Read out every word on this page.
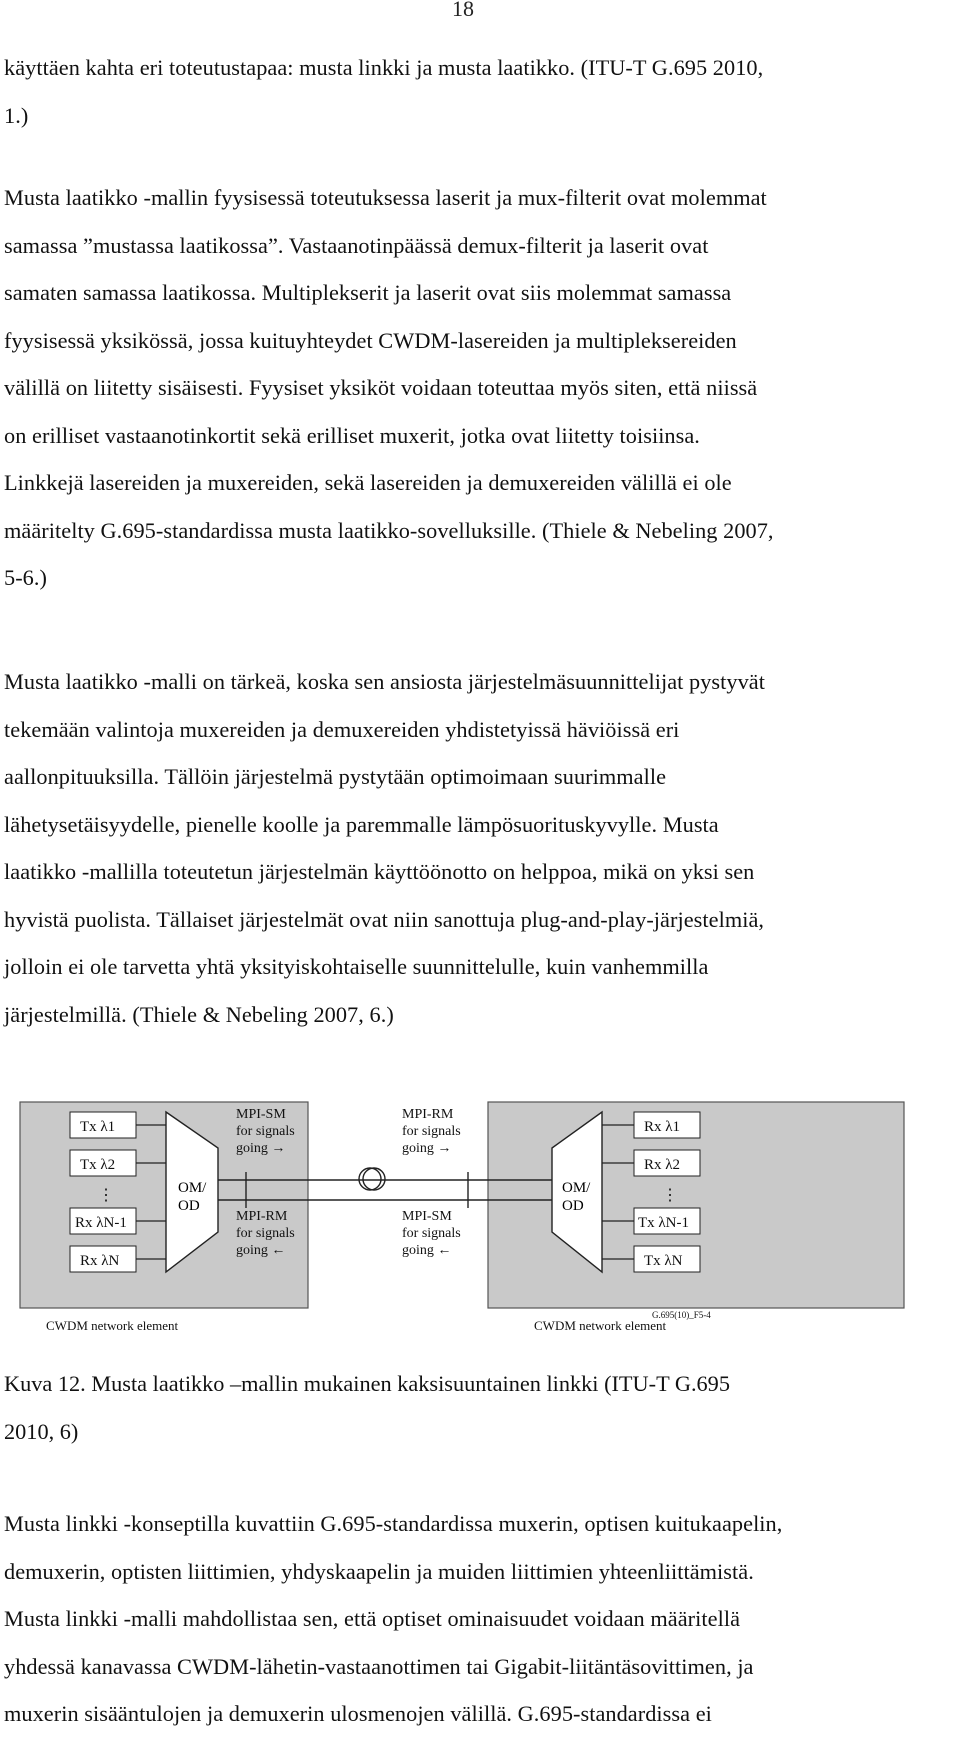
18
käyttäen kahta eri toteutustapaa: musta linkki ja musta laatikko. (ITU-T G.695 2010,
1.)
Musta laatikko -mallin fyysisessä toteutuksessa laserit ja mux-filterit ovat molemmat
samassa ”mustassa laatikossa”. Vastaanotinpäässä demux-filterit ja laserit ovat
samaten samassa laatikossa. Multiplekserit ja laserit ovat siis molemmat samassa
fyysisessä yksikössä, jossa kuituyhteydet CWDM-lasereiden ja multipleksereiden
välillä on liitetty sisäisesti. Fyysiset yksiköt voidaan toteuttaa myös siten, että niissä
on erilliset vastaanotinkortit sekä erilliset muxerit, jotka ovat liitetty toisiinsa.
Linkkejä lasereiden ja muxereiden, sekä lasereiden ja demuxereiden välillä ei ole
määritelty G.695-standardissa musta laatikko-sovelluksille. (Thiele & Nebeling 2007,
5-6.)
Musta laatikko -malli on tärkeä, koska sen ansiosta järjestelmäsuunnittelijat pystyvät
tekemään valintoja muxereiden ja demuxereiden yhdistetyissä häviöissä eri
aallonpituuksilla. Tällöin järjestelmä pystytään optimoimaan suurimmalle
lähetysetäisyydelle, pienelle koolle ja paremmalle lämpösuorituskyvylle. Musta
laatikko -mallilla toteutetun järjestelmän käyttöönotto on helppoa, mikä on yksi sen
hyvistä puolista. Tällaiset järjestelmät ovat niin sanottuja plug-and-play-järjestelmiä,
jolloin ei ole tarvetta yhtä yksityiskohtaiselle suunnittelulle, kuin vanhemmilla
järjestelmillä. (Thiele & Nebeling 2007, 6.)
Tx λ1
Tx λ2
⋮
Rx λN-1
Rx λN
OM/
OD
MPI-SM
for signals
going →
MPI-RM
for signals
going ←
MPI-RM
for signals
going →
MPI-SM
for signals
going ←
OM/
OD
Rx λ1
Rx λ2
⋮
Tx λN-1
Tx λN
CWDM network element	CWDM network element
G.695(10)_F5-4
Kuva 12. Musta laatikko –mallin mukainen kaksisuuntainen linkki (ITU-T G.695
2010, 6)
Musta linkki -konseptilla kuvattiin G.695-standardissa muxerin, optisen kuitukaapelin,
demuxerin, optisten liittimien, yhdyskaapelin ja muiden liittimien yhteenliittämistä.
Musta linkki -malli mahdollistaa sen, että optiset ominaisuudet voidaan määritellä
yhdessä kanavassa CWDM-lähetin-vastaanottimen tai Gigabit-liitäntäsovittimen, ja
muxerin sisääntulojen ja demuxerin ulosmenojen välillä. G.695-standardissa ei
